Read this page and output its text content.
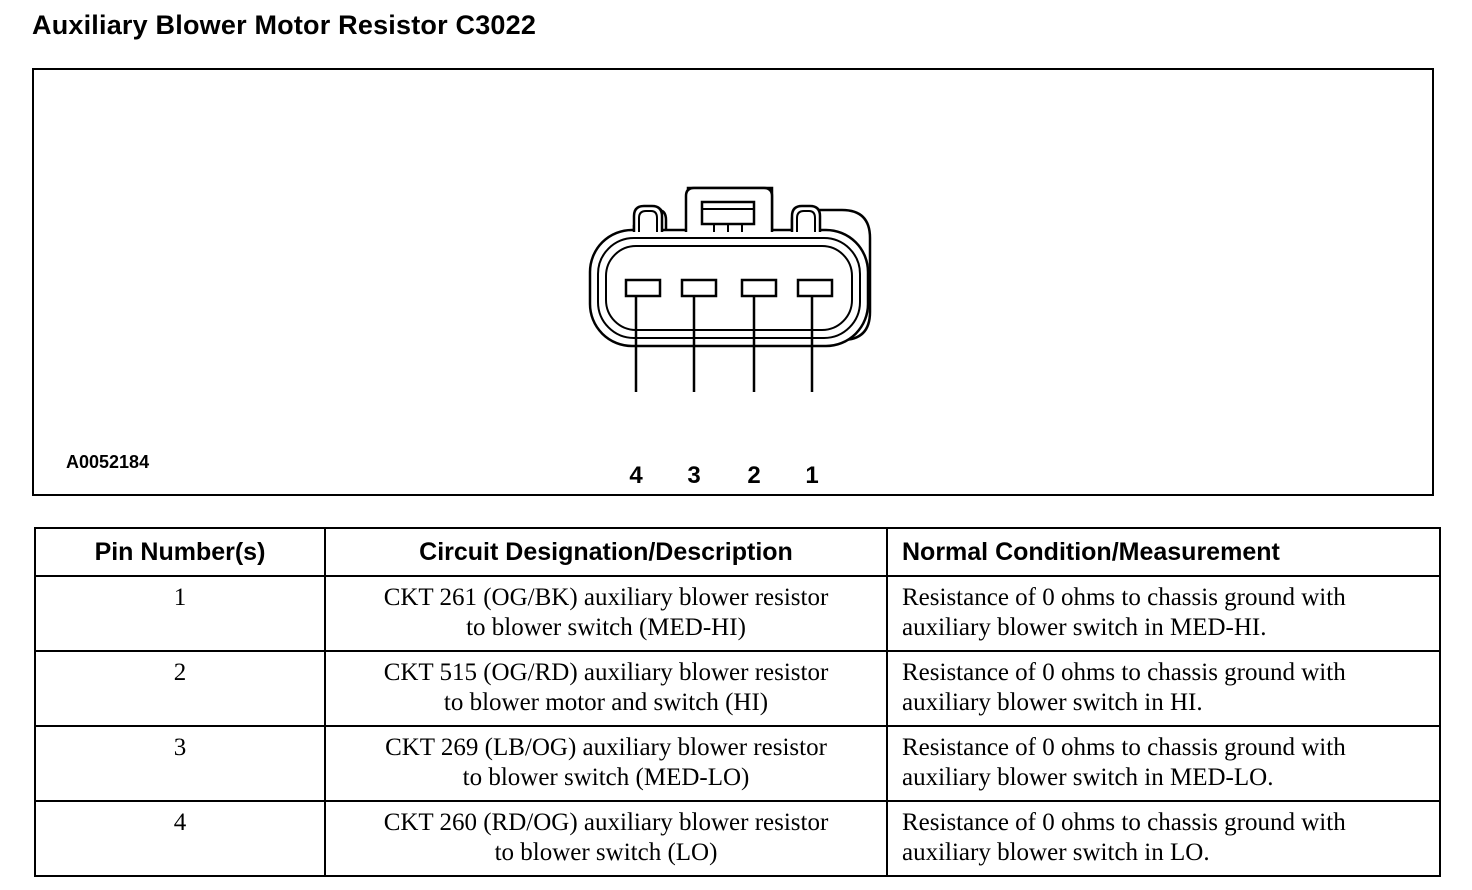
Auxiliary Blower Motor Resistor C3022
4	3	2	1
A0052184
Pin Number(s)	Circuit Designation/Description	Normal Condition/Measurement
1	CKT 261 (OG/BK) auxiliary blower resistor
to blower switch (MED-HI)	Resistance of 0 ohms to chassis ground with
auxiliary blower switch in MED-HI.

2	CKT 515 (OG/RD) auxiliary blower resistor
to blower motor and switch (HI)	Resistance of 0 ohms to chassis ground with
auxiliary blower switch in HI.

3	CKT 269 (LB/OG) auxiliary blower resistor
to blower switch (MED-LO)	Resistance of 0 ohms to chassis ground with
auxiliary blower switch in MED-LO.

4	CKT 260 (RD/OG) auxiliary blower resistor
to blower switch (LO)	Resistance of 0 ohms to chassis ground with
auxiliary blower switch in LO.
